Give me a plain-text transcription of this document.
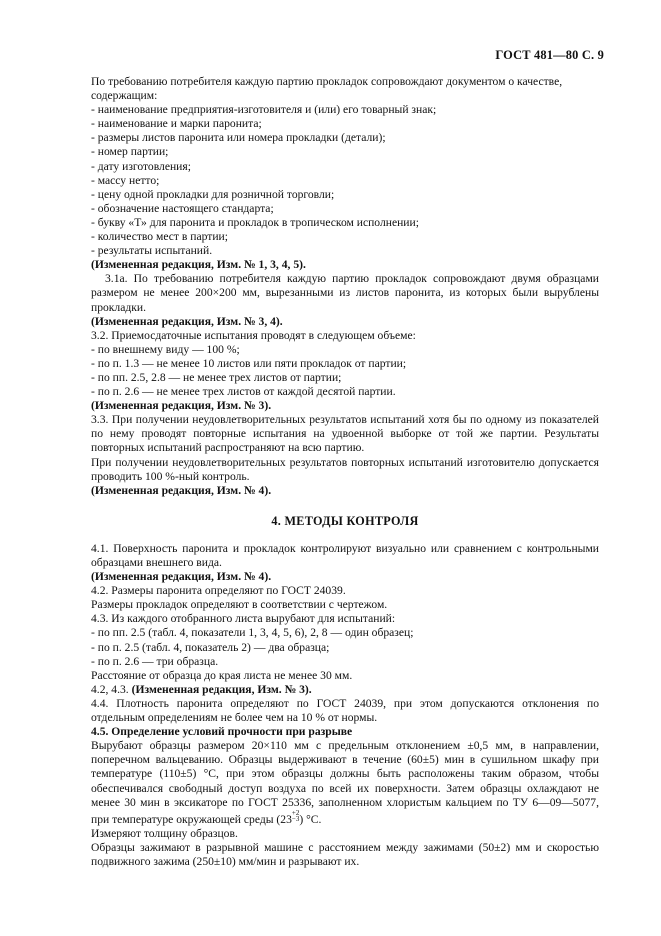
ГОСТ 481—80 С. 9

По требованию потребителя каждую партию прокладок сопровождают документом о качестве,

содержащим:

- наименование предприятия-изготовителя и (или) его товарный знак;

- наименование и марки паронита;

- размеры листов паронита или номера прокладки (детали);

- номер партии;

- дату изготовления;

- массу нетто;

- цену одной прокладки для розничной торговли;

- обозначение настоящего стандарта;

- букву «Т» для паронита и прокладок в тропическом исполнении;

- количество мест в партии;

- результаты испытаний.

(Измененная редакция, Изм. № 1, 3, 4, 5).

3.1а. По требованию потребителя каждую партию прокладок сопровождают двумя образцами размером не менее 200×200 мм, вырезанными из листов паронита, из которых были вырублены прокладки.

(Измененная редакция, Изм. № 3, 4).

3.2. Приемосдаточные испытания проводят в следующем объеме:

- по внешнему виду — 100 %;

- по п. 1.3 — не менее 10 листов или пяти прокладок от партии;

- по пп. 2.5, 2.8 — не менее трех листов от партии;

- по п. 2.6 — не менее трех листов от каждой десятой партии.

(Измененная редакция, Изм. № 3).

3.3. При получении неудовлетворительных результатов испытаний хотя бы по одному из показателей по нему проводят повторные испытания на удвоенной выборке от той же партии. Результаты повторных испытаний распространяют на всю партию.

При получении неудовлетворительных результатов повторных испытаний изготовителю допускается проводить 100 %-ный контроль.

(Измененная редакция, Изм. № 4).

4. МЕТОДЫ КОНТРОЛЯ

4.1. Поверхность паронита и прокладок контролируют визуально или сравнением с контрольными образцами внешнего вида.

(Измененная редакция, Изм. № 4).

4.2. Размеры паронита определяют по ГОСТ 24039.

Размеры прокладок определяют в соответствии с чертежом.

4.3. Из каждого отобранного листа вырубают для испытаний:

- по пп. 2.5 (табл. 4, показатели 1, 3, 4, 5, 6), 2, 8 — один образец;

- по п. 2.5 (табл. 4, показатель 2) — два образца;

- по п. 2.6 — три образца.

Расстояние от образца до края листа не менее 30 мм.

4.2, 4.3. (Измененная редакция, Изм. № 3).

4.4. Плотность паронита определяют по ГОСТ 24039, при этом допускаются отклонения по отдельным определениям не более чем на 10 % от нормы.

4.5. Определение условий прочности при разрыве

Вырубают образцы размером 20×110 мм с предельным отклонением ±0,5 мм, в направлении, поперечном вальцеванию. Образцы выдерживают в течение (60±5) мин в сушильном шкафу при температуре (110±5) °С, при этом образцы должны быть расположены таким образом, чтобы обеспечивался свободный доступ воздуха по всей их поверхности. Затем образцы охлаждают не менее 30 мин в эксикаторе по ГОСТ 25336, заполненном хлористым кальцием по ТУ 6—09—5077, при температуре окружающей среды (23 +2
−3 ) °С.

Измеряют толщину образцов.

Образцы зажимают в разрывной машине с расстоянием между зажимами (50±2) мм и скоростью подвижного зажима (250±10) мм/мин и разрывают их.
